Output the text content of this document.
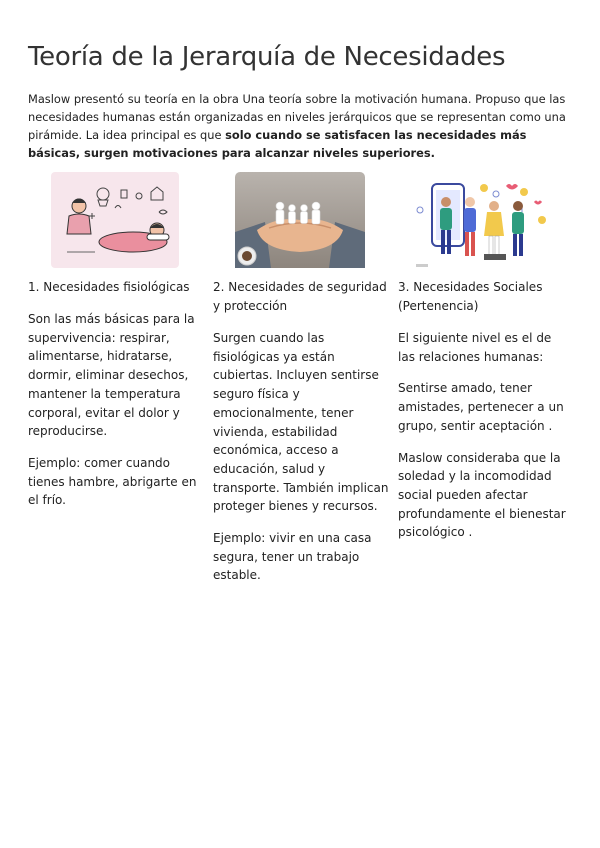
Teoría de la Jerarquía de Necesidades

Maslow presentó su teoría en la obra Una teoría sobre la motivación humana. Propuso que las necesidades humanas están organizadas en niveles jerárquicos que se representan como una pirámide. La idea principal es que solo cuando se satisfacen las necesidades más básicas, surgen motivaciones para alcanzar niveles superiores.

1. Necesidades fisiológicas

Son las más básicas para la supervivencia: respirar, alimentarse, hidratarse, dormir, eliminar desechos, mantener la temperatura corporal, evitar el dolor y reproducirse.

Ejemplo: comer cuando tienes hambre, abrigarte en el frío.

2. Necesidades de seguridad y protección

Surgen cuando las fisiológicas ya están cubiertas. Incluyen sentirse seguro física y emocionalmente, tener vivienda, estabilidad económica, acceso a educación, salud y transporte. También implican proteger bienes y recursos.

Ejemplo: vivir en una casa segura, tener un trabajo estable.

3. Necesidades Sociales (Pertenencia)

El siguiente nivel es el de las relaciones humanas:

Sentirse amado, tener amistades, pertenecer a un grupo, sentir aceptación .

Maslow consideraba que la soledad y la incomodidad social pueden afectar profundamente el bienestar psicológico .
